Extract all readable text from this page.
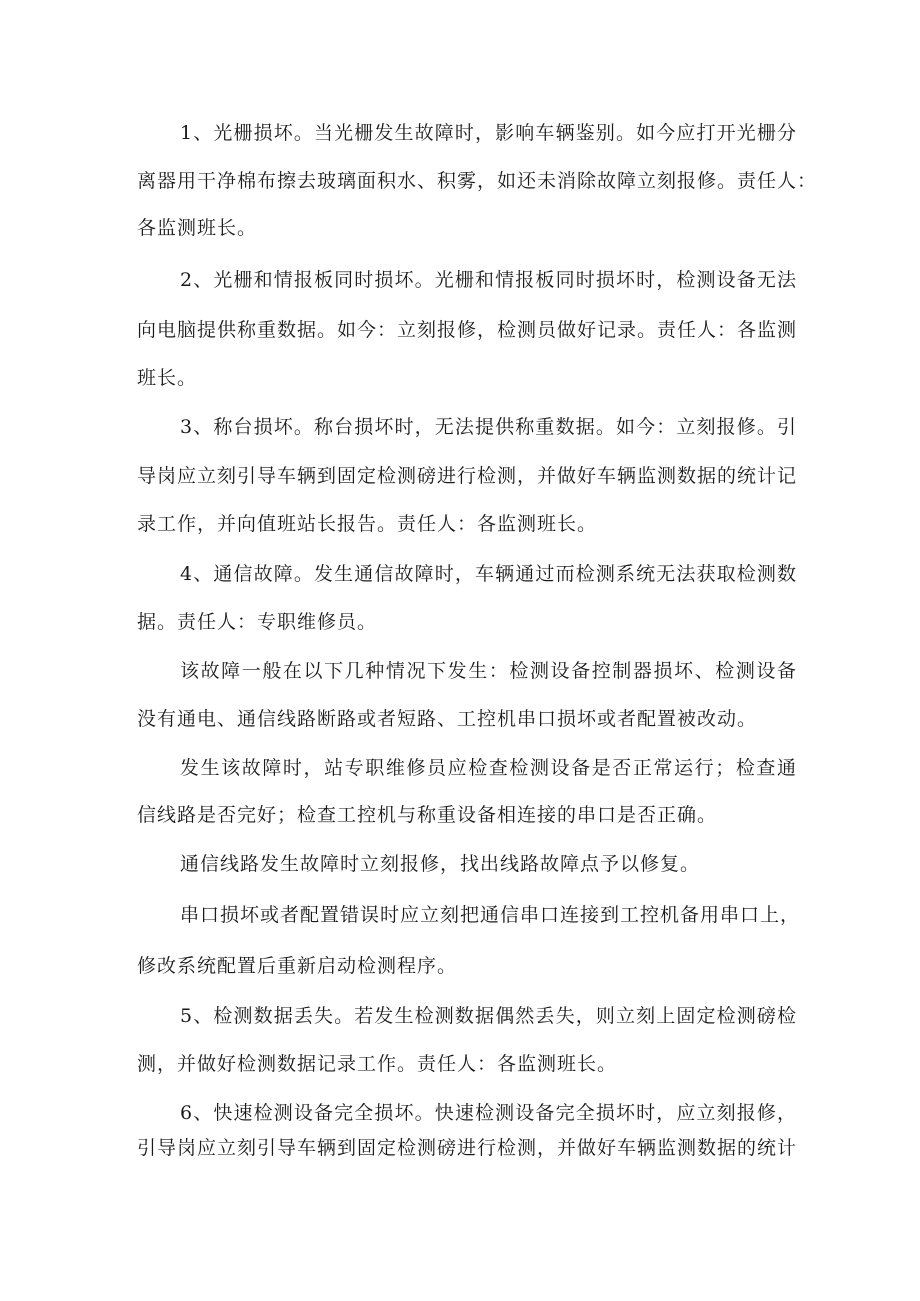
1、光栅损坏。当光栅发生故障时，影响车辆鉴别。如今应打开光栅分
离器用干净棉布擦去玻璃面积水、积雾，如还未消除故障立刻报修。责任人：
各监测班长。
2、光栅和情报板同时损坏。光栅和情报板同时损坏时，检测设备无法
向电脑提供称重数据。如今：立刻报修，检测员做好记录。责任人：各监测
班长。
3、称台损坏。称台损坏时，无法提供称重数据。如今：立刻报修。引
导岗应立刻引导车辆到固定检测磅进行检测，并做好车辆监测数据的统计记
录工作，并向值班站长报告。责任人：各监测班长。
4、通信故障。发生通信故障时，车辆通过而检测系统无法获取检测数
据。责任人：专职维修员。
该故障一般在以下几种情况下发生：检测设备控制器损坏、检测设备
没有通电、通信线路断路或者短路、工控机串口损坏或者配置被改动。
发生该故障时，站专职维修员应检查检测设备是否正常运行；检查通
信线路是否完好；检查工控机与称重设备相连接的串口是否正确。
通信线路发生故障时立刻报修，找出线路故障点予以修复。
串口损坏或者配置错误时应立刻把通信串口连接到工控机备用串口上，
修改系统配置后重新启动检测程序。
5、检测数据丢失。若发生检测数据偶然丢失，则立刻上固定检测磅检
测，并做好检测数据记录工作。责任人：各监测班长。
6、快速检测设备完全损坏。快速检测设备完全损坏时，应立刻报修，
引导岗应立刻引导车辆到固定检测磅进行检测，并做好车辆监测数据的统计
